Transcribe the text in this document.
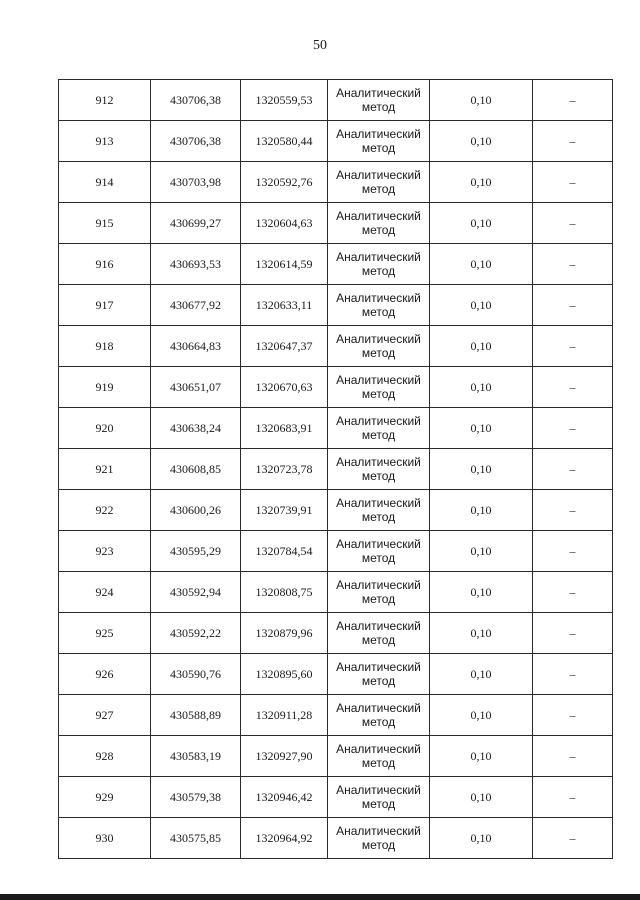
50
912	430706,38	1320559,53	Аналитический
метод	0,10	–
913	430706,38	1320580,44	Аналитический
метод	0,10	–
914	430703,98	1320592,76	Аналитический
метод	0,10	–
915	430699,27	1320604,63	Аналитический
метод	0,10	–
916	430693,53	1320614,59	Аналитический
метод	0,10	–
917	430677,92	1320633,11	Аналитический
метод	0,10	–
918	430664,83	1320647,37	Аналитический
метод	0,10	–
919	430651,07	1320670,63	Аналитический
метод	0,10	–
920	430638,24	1320683,91	Аналитический
метод	0,10	–
921	430608,85	1320723,78	Аналитический
метод	0,10	–
922	430600,26	1320739,91	Аналитический
метод	0,10	–
923	430595,29	1320784,54	Аналитический
метод	0,10	–
924	430592,94	1320808,75	Аналитический
метод	0,10	–
925	430592,22	1320879,96	Аналитический
метод	0,10	–
926	430590,76	1320895,60	Аналитический
метод	0,10	–
927	430588,89	1320911,28	Аналитический
метод	0,10	–
928	430583,19	1320927,90	Аналитический
метод	0,10	–
929	430579,38	1320946,42	Аналитический
метод	0,10	–
930	430575,85	1320964,92	Аналитический
метод	0,10	–
